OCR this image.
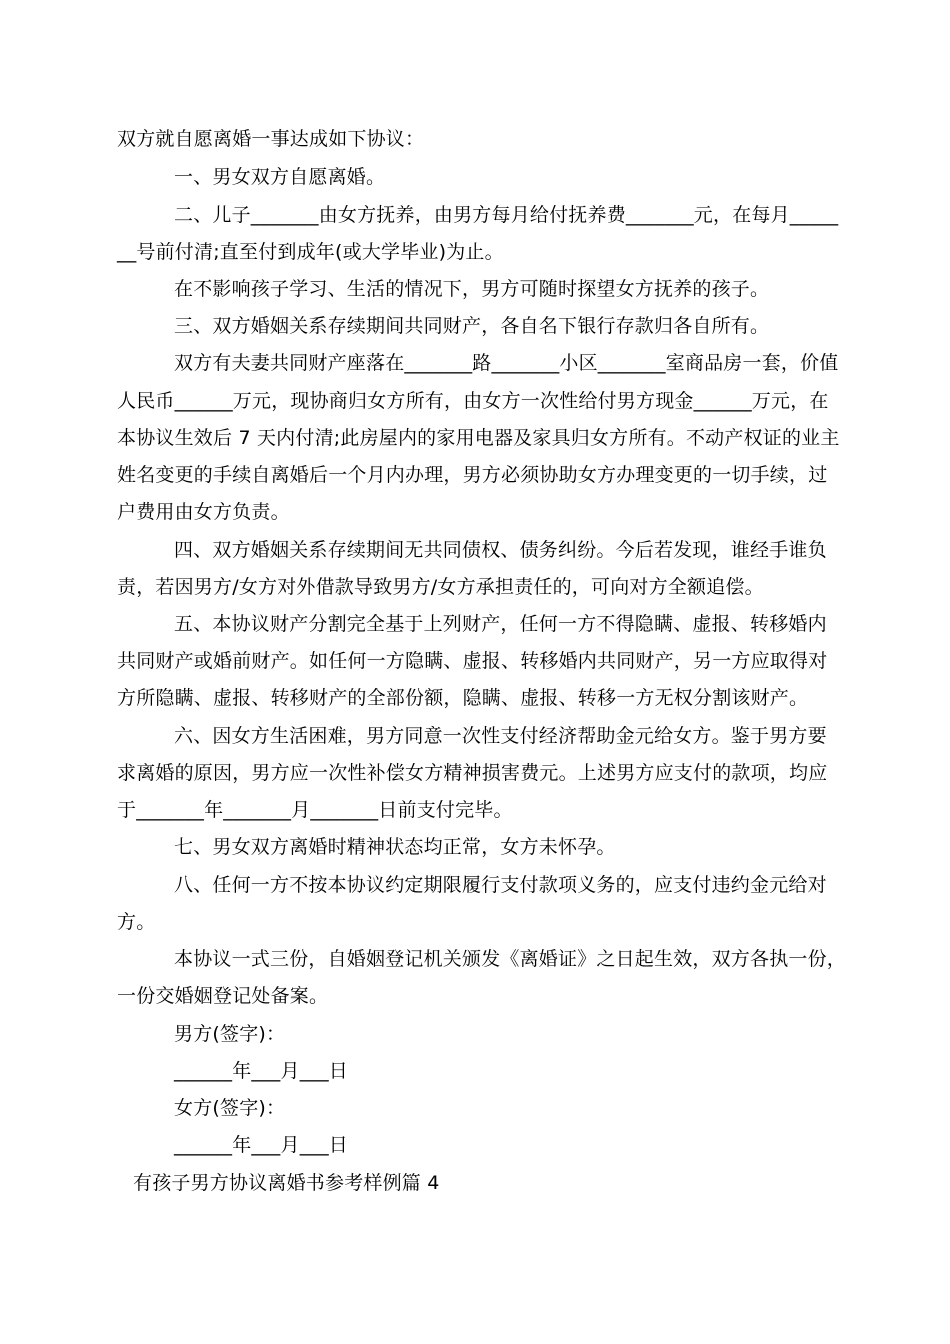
双方就自愿离婚一事达成如下协议：
一、男女双方自愿离婚。
二、儿子_______由女方抚养，由男方每月给付抚养费_______元，在每月_____
__号前付清;直至付到成年(或大学毕业)为止。
在不影响孩子学习、生活的情况下，男方可随时探望女方抚养的孩子。
三、双方婚姻关系存续期间共同财产，各自名下银行存款归各自所有。
双方有夫妻共同财产座落在_______路_______小区_______室商品房一套，价值
人民币______万元，现协商归女方所有，由女方一次性给付男方现金______万元，在
本协议生效后 7 天内付清;此房屋内的家用电器及家具归女方所有。不动产权证的业主
姓名变更的手续自离婚后一个月内办理，男方必须协助女方办理变更的一切手续，过
户费用由女方负责。
四、双方婚姻关系存续期间无共同债权、债务纠纷。今后若发现，谁经手谁负
责，若因男方/女方对外借款导致男方/女方承担责任的，可向对方全额追偿。
五、本协议财产分割完全基于上列财产，任何一方不得隐瞒、虚报、转移婚内
共同财产或婚前财产。如任何一方隐瞒、虚报、转移婚内共同财产，另一方应取得对
方所隐瞒、虚报、转移财产的全部份额，隐瞒、虚报、转移一方无权分割该财产。
六、因女方生活困难，男方同意一次性支付经济帮助金元给女方。鉴于男方要
求离婚的原因，男方应一次性补偿女方精神损害费元。上述男方应支付的款项，均应
于_______年_______月_______日前支付完毕。
七、男女双方离婚时精神状态均正常，女方未怀孕。
八、任何一方不按本协议约定期限履行支付款项义务的，应支付违约金元给对
方。
本协议一式三份，自婚姻登记机关颁发《离婚证》之日起生效，双方各执一份，
一份交婚姻登记处备案。
男方(签字)：
______年___月___日
女方(签字)：
______年___月___日
有孩子男方协议离婚书参考样例篇 4
